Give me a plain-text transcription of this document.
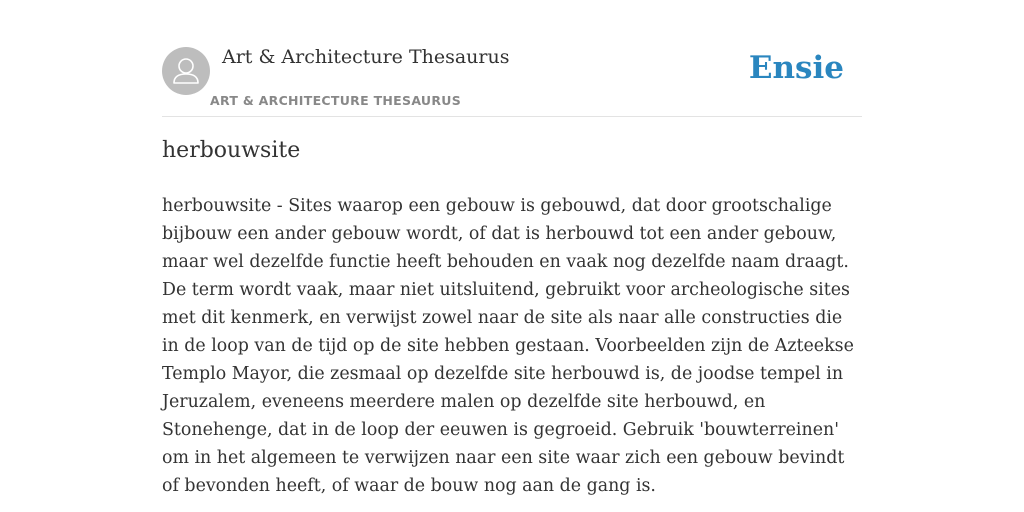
Art & Architecture Thesaurus
ART & ARCHITECTURE THESAURUS
Ensie
herbouwsite

herbouwsite - Sites waarop een gebouw is gebouwd, dat door grootschalige bijbouw een ander gebouw wordt, of dat is herbouwd tot een ander gebouw, maar wel dezelfde functie heeft behouden en vaak nog dezelfde naam draagt. De term wordt vaak, maar niet uitsluitend, gebruikt voor archeologische sites met dit kenmerk, en verwijst zowel naar de site als naar alle constructies die in de loop van de tijd op de site hebben gestaan. Voorbeelden zijn de Azteekse Templo Mayor, die zesmaal op dezelfde site herbouwd is, de joodse tempel in Jeruzalem, eveneens meerdere malen op dezelfde site herbouwd, en Stonehenge, dat in de loop der eeuwen is gegroeid. Gebruik 'bouwterreinen' om in het algemeen te verwijzen naar een site waar zich een gebouw bevindt of bevonden heeft, of waar de bouw nog aan de gang is.
